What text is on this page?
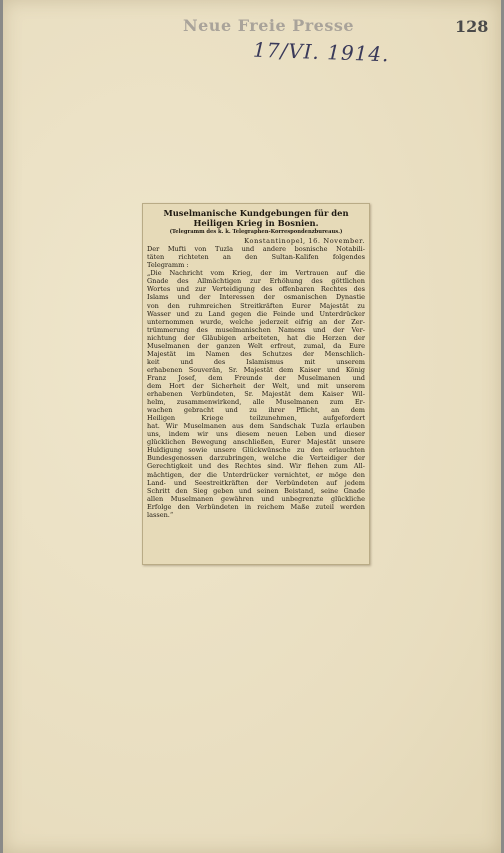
Neue Freie Presse	128
17/VI. 1914.
Muselmanische Kundgebungen für den Heiligen Krieg in Bosnien.
(Telegramm des k. k. Telegraphen-Korrespondenzbureaus.)
Konstantinopel, 16. November.
Der Mufti von Tuzla und andere bosnische Notabili-
täten richteten an den Sultan-Kalifen folgendes
Telegramm :
„Die Nachricht vom Krieg, der im Vertrauen auf die
Gnade des Allmächtigen zur Erhöhung des göttlichen
Wortes und zur Verteidigung des offenbaren Rechtes des
Islams und der Interessen der osmanischen Dynastie
von den ruhmreichen Streitkräften Eurer Majestät zu
Wasser und zu Land gegen die Feinde und Unterdrücker
unternommen wurde, welche jederzeit eifrig an der Zer-
trümmerung des muselmanischen Namens und der Ver-
nichtung der Gläubigen arbeiteten, hat die Herzen der
Muselmanen der ganzen Welt erfreut, zumal, da Eure
Majestät im Namen des Schutzes der Menschlich-
keit und des Islamismus mit unserem
erhabenen Souverän, Sr. Majestät dem Kaiser und König
Franz Josef, dem Freunde der Muselmanen und
dem Hort der Sicherheit der Welt, und mit unserem
erhabenen Verbündeten, Sr. Majestät dem Kaiser Wil-
helm, zusammenwirkend, alle Muselmanen zum Er-
wachen gebracht und zu ihrer Pflicht, an dem
Heiligen Kriege teilzunehmen, aufgefordert
hat. Wir Muselmanen aus dem Sandschak Tuzla erlauben
uns, indem wir uns diesem neuen Leben und dieser
glücklichen Bewegung anschließen, Eurer Majestät unsere
Huldigung sowie unsere Glückwünsche zu den erlauchten
Bundesgenossen darzubringen, welche die Verteidiger der
Gerechtigkeit und des Rechtes sind. Wir flehen zum All-
mächtigen, der die Unterdrücker vernichtet, er möge den
Land- und Seestreitkräften der Verbündeten auf jedem
Schritt den Sieg geben und seinen Beistand, seine Gnade
allen Muselmanen gewähren und unbegrenzte glückliche
Erfolge den Verbündeten in reichem Maße zuteil werden
lassen.“
